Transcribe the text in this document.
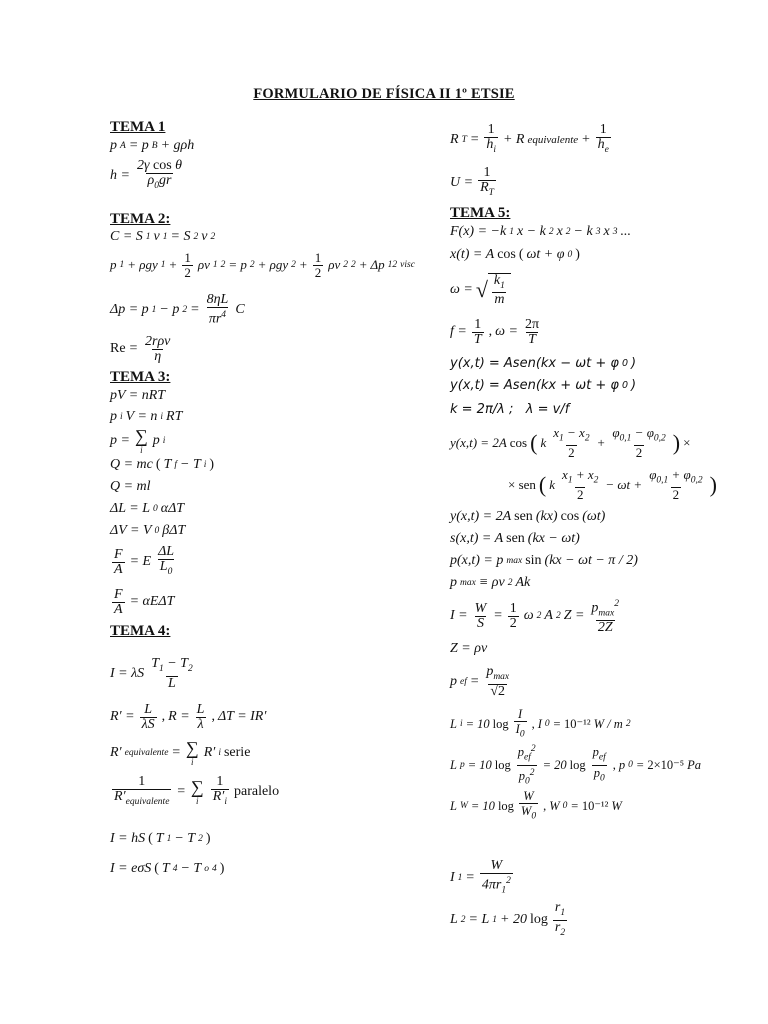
FORMULARIO DE FÍSICA II 1º ETSIE
TEMA 1
p A = p B + gρh
$h = \frac{\text{2γ cos θ}}{\rho_0gr}$
TEMA 2:
C = S 1 v 1 = S 2 v 2
p 1 + ρgy $1 + \frac{1}{2}$ ρv 1 2 = p 2 + ρgy $2 + \frac{1}{2}$ ρv 2 2 + Δp 12 visc
Δp = p 1 − p $2 = \frac{8\eta L}{\pi r^4}$ C
$Re = \frac{\text{2rρv}}{\eta}$
TEMA 3:
pV = nRT
p i V = n i RT
p = ∑
i
p i
Q = mc ( T f − T i )
Q = ml
ΔL = L 0 αΔT
ΔV = V 0 βΔT
$\frac{F}{A} = E \frac{\Delta L}{L_0}$
$\frac{F}{A} = \alpha E\Delta T$
TEMA 4:
I = λS $\frac{T_1 - T_2}{L}$
$R' = \frac{L}{\lambda S}$ , $R = \frac{L}{\lambda}$ , ΔT = IR′
R′ equivalente = ∑
i
R′ i serie
$\frac{1}{R'_{equivalente}}$ = ∑
i $\frac{1}{R'_i}$ paralelo
I = hS ( T 1 − T 2 )
I = eσS ( T 4 − T o 4 )
R $T = \frac{1}{h_i} + R$ equivalente + $\frac{1}{h_e}$
$U = \frac{1}{R_T}$
TEMA 5:
F(x) = −k 1 x − k 2 x 2 − k 3 x 3 ...
x(t) = A cos ( ωt + φ 0 )
ω = √ $\frac{k_1}{m}$
$f = \frac{1}{T}$ , $\omega = \frac{2\pi}{T}$
y(x,t) = Asen(kx − ωt + φ 0 )
y(x,t) = Asen(kx + ωt + φ 0 )
k = 2π/λ ;   λ = v/f
y(x,t) = 2A cos ( k $\frac{x_1 - x_2}{2} + \frac{\varphi_{0,1} - \varphi_{0,2}}{2}$ ) ×
× sen ( k $\frac{x_1 + x_2}{2} - \omega t + \frac{\varphi_{0,1} + \varphi_{0,2}}{2}$ )
y(x,t) = 2A sen (kx) cos (ωt)
s(x,t) = A sen (kx − ωt)
p(x,t) = p max sin (kx − ωt − π / 2)
p max ≡ ρv 2 Ak
$I = \frac{W}{S} = \frac{1}{2}$ ω 2 A 2 $Z = \frac{p_{max}^2}{2Z}$
Z = ρv
p ef = $\frac{p_{max}}{√2}$
L i = 10 $\log \frac{I}{I_0}$ , I 0 = 10⁻¹² W / m 2
L p = 10 $\log \frac{p_{ef}^2}{p_0^2} = 20$ $\log \frac{p_{ef}}{p_0}$ , p 0 = 2×10⁻⁵ Pa
L W = 10 $\log \frac{W}{W_0}$ , W 0 = 10⁻¹² W
I $1 = \frac{W}{4\pi r_1^2}$
L 2 = L 1 + 20 $\log \frac{r_1}{r_2}$
